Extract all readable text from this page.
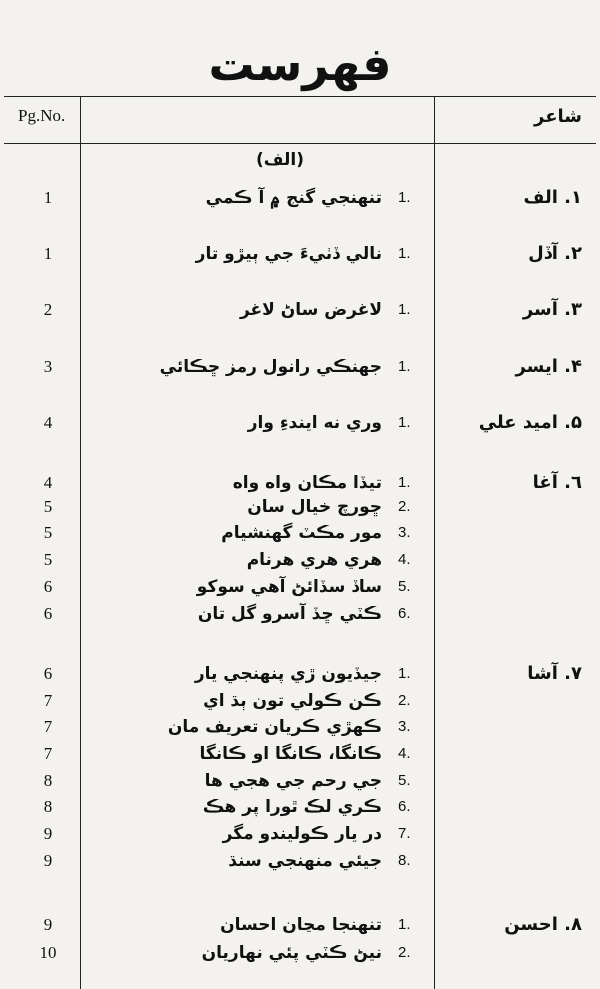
فهرست
Pg.No.	شاعر
(الف)
1	تنهنجي گنج ۾ آ ڪمي 1.	١. الف
1	نالي ڏٺيءَ جي ٻيڙو تار 1.	٢. آڏل
2	لاغرض ساڻ لاغر 1.	٣. آسر
3	جهنڪي رانول رمز ڇڪائي 1.	۴. ايسر
4	وري نه ايندءِ وار 1.	۵. اميد علي
4	تيڏا مڪان واه واه 1.	٦. آغا
5	ڇورچ خيال سان 2.
5	مور مڪٽ گهنشيام 3.
5	هري هري هرنام 4.
6	ساڏ سڏائڻ آهي سوکو 5.
6	ڪٽي ڇڏ آسرو گل تان 6.
6	جيڏيون ڙي پنهنجي يار 1.	٧. آشا
7	ڪن ڪولي تون ٻڌ اي 2.
7	ڪهڙي ڪريان تعريف مان 3.
7	ڪانگا، ڪانگا او ڪانگا 4.
8	جي رحم جي هجي ها 5.
8	ڪري لڪ ٿورا پر هڪ 6.
9	در يار ڪوليندو مگر 7.
9	جيئي منهنجي سنڌ 8.
9	تنهنجا مڃان احسان 1.	٨. احسن
10	نيڻ ڪٽي پئي نهاريان 2.
